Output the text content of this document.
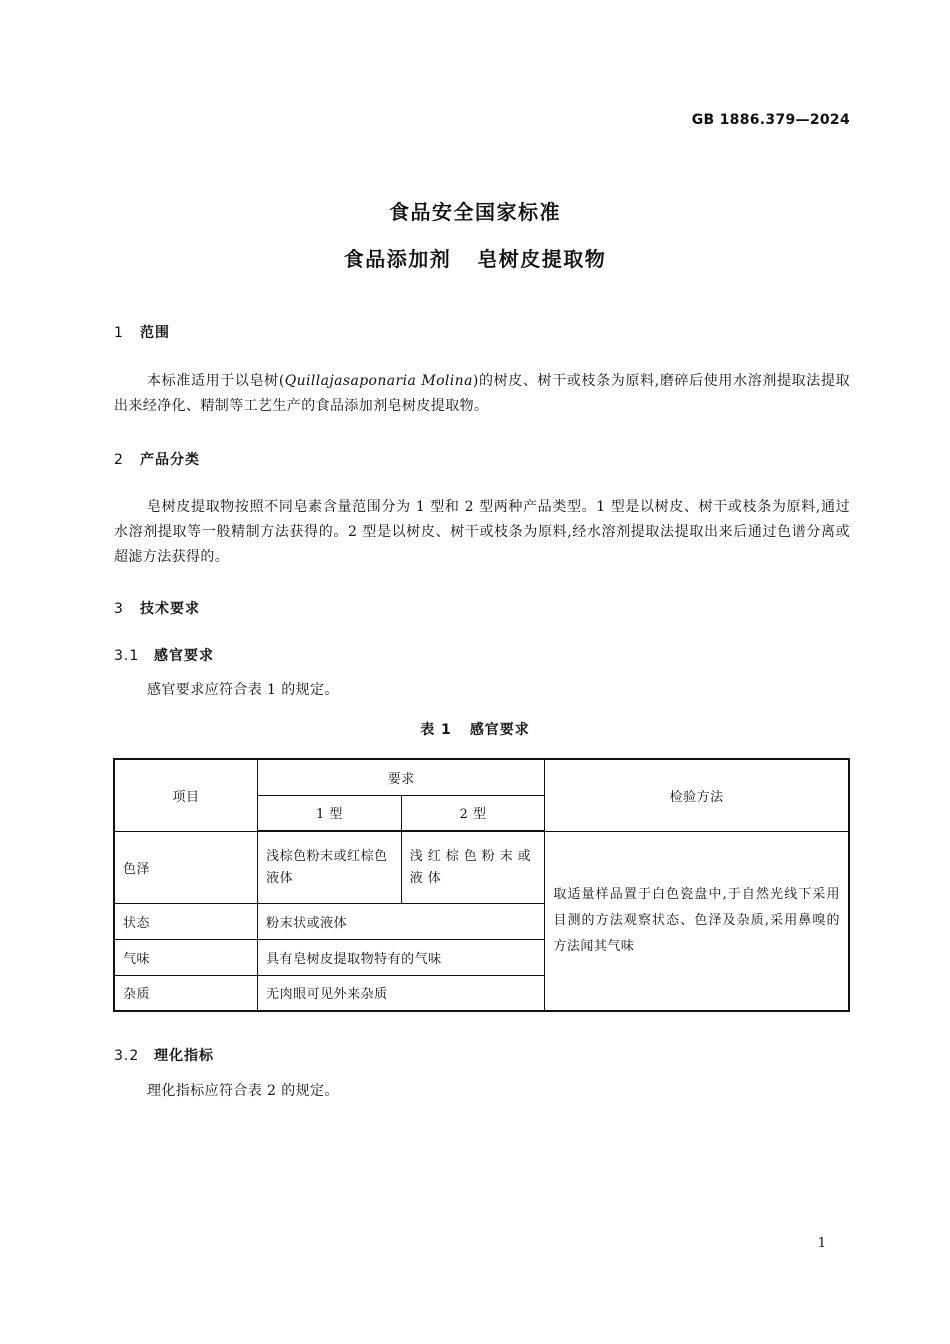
GB 1886.379—2024
食品安全国家标准
食品添加剂 皂树皮提取物
1 范围
本标准适用于以皂树(Quillajasaponaria Molina)的树皮、树干或枝条为原料,磨碎后使用水溶剂提取法提取出来经净化、精制等工艺生产的食品添加剂皂树皮提取物。
2 产品分类
皂树皮提取物按照不同皂素含量范围分为 1 型和 2 型两种产品类型。1 型是以树皮、树干或枝条为原料,通过水溶剂提取等一般精制方法获得的。2 型是以树皮、树干或枝条为原料,经水溶剂提取法提取出来后通过色谱分离或超滤方法获得的。
3 技术要求
3.1 感官要求
感官要求应符合表 1 的规定。
表 1 感官要求
项目	要求		检验方法
	1 型	2 型	
色泽	浅棕色粉末或红棕色液体	浅红棕色粉末或液体	取适量样品置于白色瓷盘中,于自然光线下采用目测的方法观察状态、色泽及杂质,采用鼻嗅的方法闻其气味
状态	粉末状或液体		
气味	具有皂树皮提取物特有的气味		
杂质	无肉眼可见外来杂质		
3.2 理化指标
理化指标应符合表 2 的规定。
1
